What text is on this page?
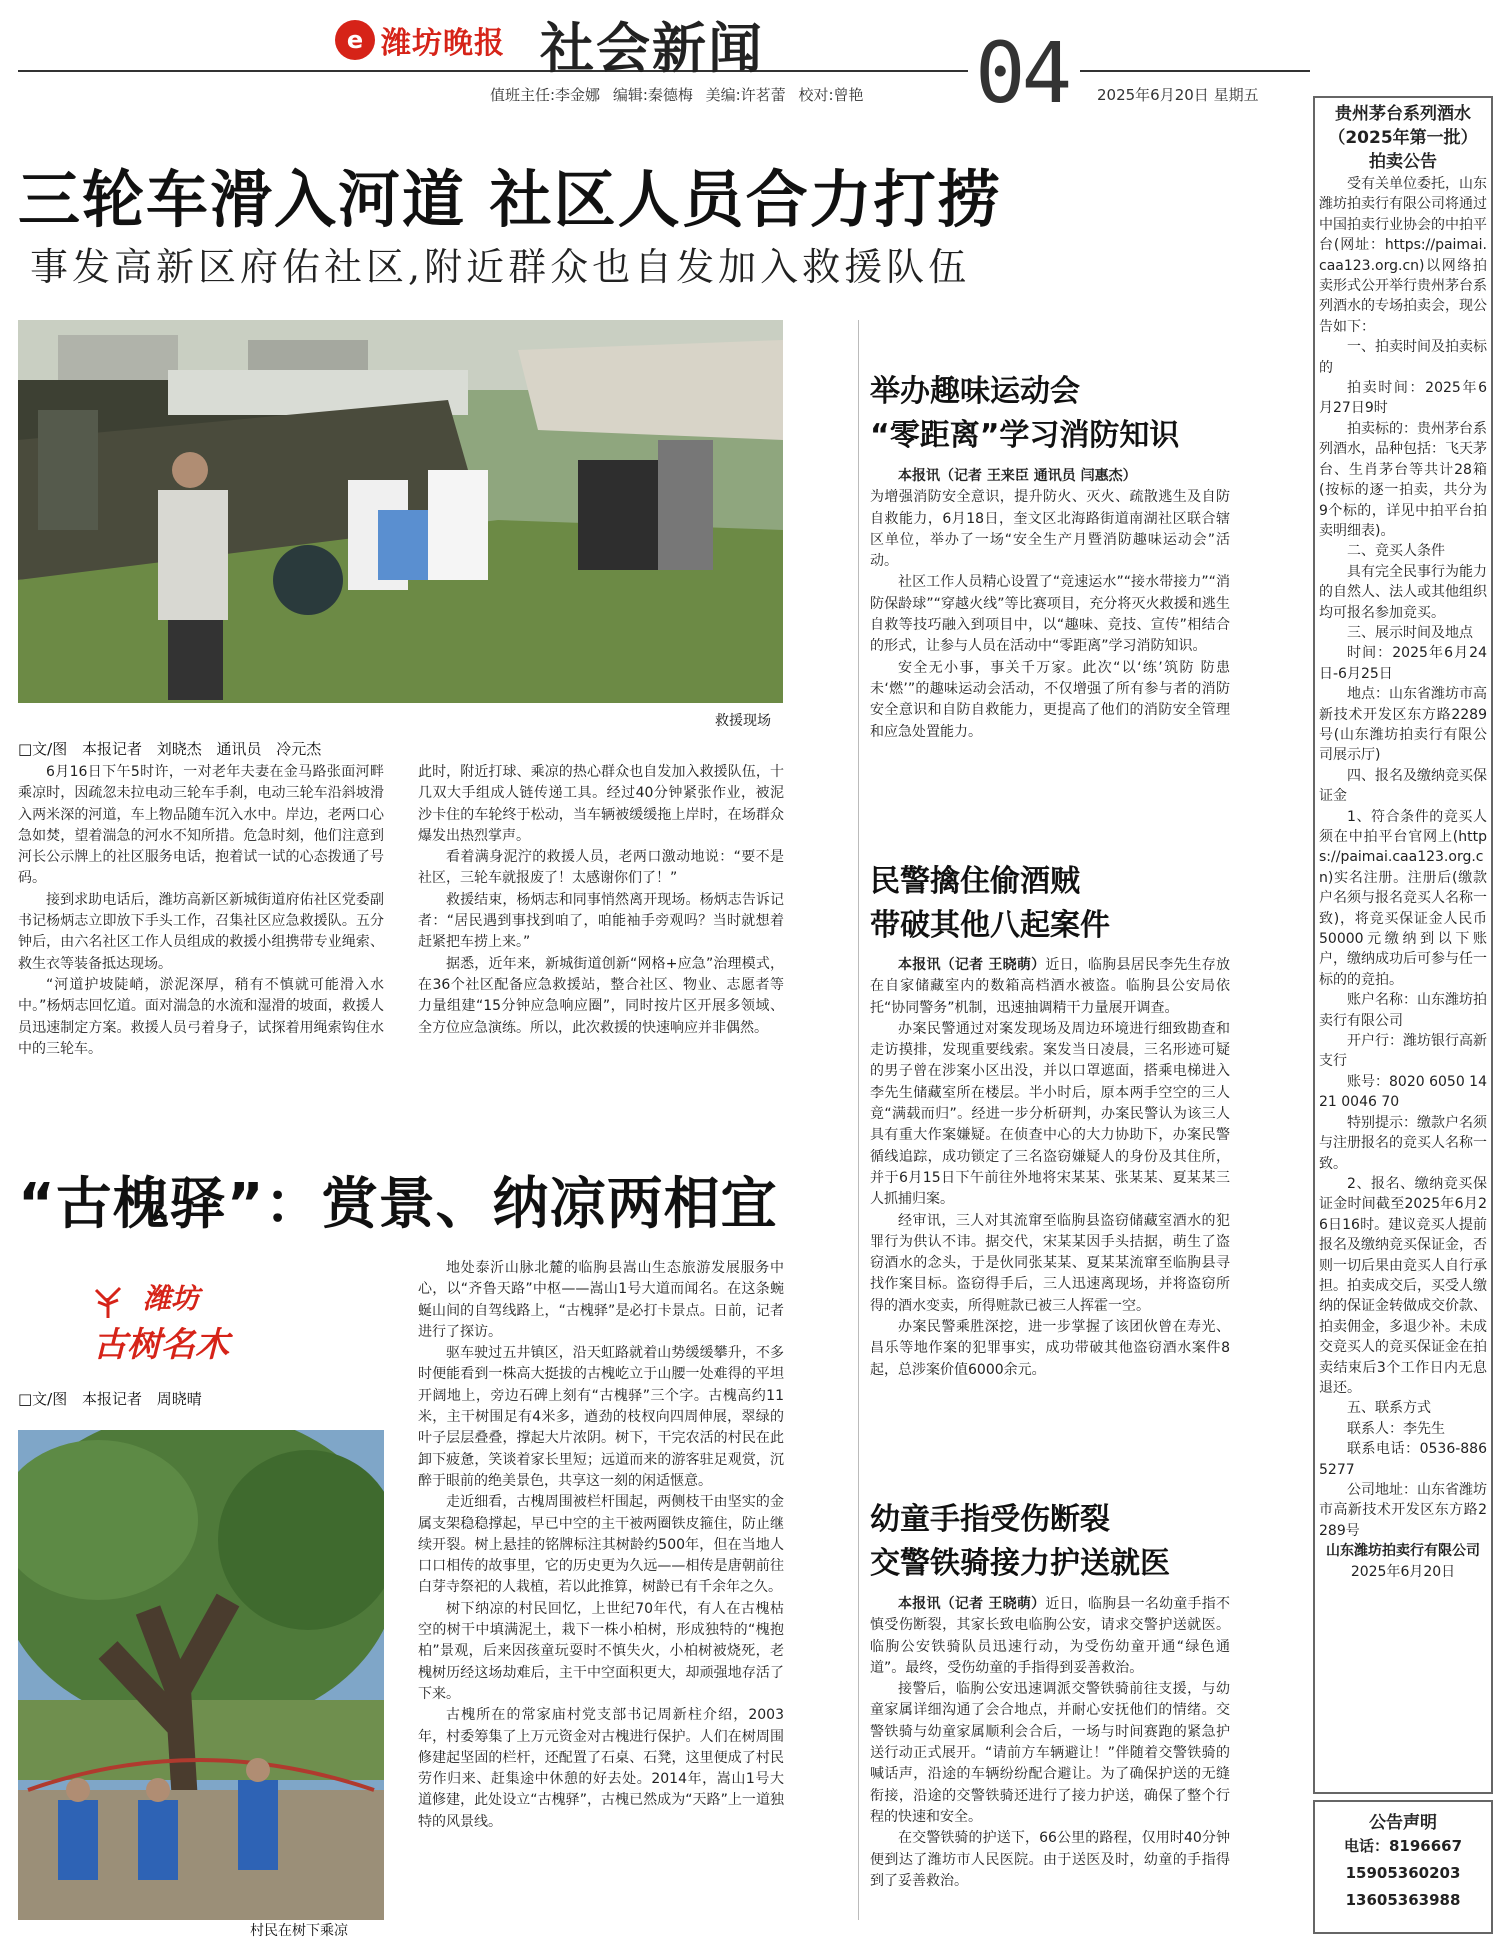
e 潍坊晚报 社会新闻	04
值班主任:李金娜 编辑:秦德梅 美编:许茗蕾 校对:曾艳	2025年6月20日 星期五
三轮车滑入河道 社区人员合力打捞
事发高新区府佑社区,附近群众也自发加入救援队伍
救援现场
□文/图 本报记者 刘晓杰 通讯员 冷元杰

6月16日下午5时许，一对老年夫妻在金马路张面河畔乘凉时，因疏忽未拉电动三轮车手刹，电动三轮车沿斜坡滑入两米深的河道，车上物品随车沉入水中。岸边，老两口心急如焚，望着湍急的河水不知所措。危急时刻，他们注意到河长公示牌上的社区服务电话，抱着试一试的心态拨通了号码。

接到求助电话后，潍坊高新区新城街道府佑社区党委副书记杨炳志立即放下手头工作，召集社区应急救援队。五分钟后，由六名社区工作人员组成的救援小组携带专业绳索、救生衣等装备抵达现场。

“河道护坡陡峭，淤泥深厚，稍有不慎就可能滑入水中。”杨炳志回忆道。面对湍急的水流和湿滑的坡面，救援人员迅速制定方案。救援人员弓着身子，试探着用绳索钩住水中的三轮车。

此时，附近打球、乘凉的热心群众也自发加入救援队伍，十几双大手组成人链传递工具。经过40分钟紧张作业，被泥沙卡住的车轮终于松动，当车辆被缓缓拖上岸时，在场群众爆发出热烈掌声。

看着满身泥泞的救援人员，老两口激动地说：“要不是社区，三轮车就报废了！太感谢你们了！”

救援结束，杨炳志和同事悄然离开现场。杨炳志告诉记者：“居民遇到事找到咱了，咱能袖手旁观吗？当时就想着赶紧把车捞上来。”

据悉，近年来，新城街道创新“网格+应急”治理模式，在36个社区配备应急救援站，整合社区、物业、志愿者等力量组建“15分钟应急响应圈”，同时按片区开展多领域、全方位应急演练。所以，此次救援的快速响应并非偶然。

“古槐驿”：赏景、纳凉两相宜
潍坊
古树名木
□文/图 本报记者 周晓晴
村民在树下乘凉

地处泰沂山脉北麓的临朐县嵩山生态旅游发展服务中心，以“齐鲁天路”中枢——嵩山1号大道而闻名。在这条蜿蜒山间的自驾线路上，“古槐驿”是必打卡景点。日前，记者进行了探访。

驱车驶过五井镇区，沿天虹路就着山势缓缓攀升，不多时便能看到一株高大挺拔的古槐屹立于山腰一处难得的平坦开阔地上，旁边石碑上刻有“古槐驿”三个字。古槐高约11米，主干树围足有4米多，遒劲的枝杈向四周伸展，翠绿的叶子层层叠叠，撑起大片浓阴。树下，干完农活的村民在此卸下疲惫，笑谈着家长里短；远道而来的游客驻足观赏，沉醉于眼前的绝美景色，共享这一刻的闲适惬意。

走近细看，古槐周围被栏杆围起，两侧枝干由坚实的金属支架稳稳撑起，早已中空的主干被两圈铁皮箍住，防止继续开裂。树上悬挂的铭牌标注其树龄约500年，但在当地人口口相传的故事里，它的历史更为久远——相传是唐朝前往白芽寺祭祀的人栽植，若以此推算，树龄已有千余年之久。

树下纳凉的村民回忆，上世纪70年代，有人在古槐枯空的树干中填满泥土，栽下一株小柏树，形成独特的“槐抱柏”景观，后来因孩童玩耍时不慎失火，小柏树被烧死，老槐树历经这场劫难后，主干中空面积更大，却顽强地存活了下来。

古槐所在的常家庙村党支部书记周新柱介绍，2003年，村委筹集了上万元资金对古槐进行保护。人们在树周围修建起坚固的栏杆，还配置了石桌、石凳，这里便成了村民劳作归来、赶集途中休憩的好去处。2014年，嵩山1号大道修建，此处设立“古槐驿”，古槐已然成为“天路”上一道独特的风景线。

举办趣味运动会
“零距离”学习消防知识

本报讯（记者 王来臣 通讯员 闫惠杰）

为增强消防安全意识，提升防火、灭火、疏散逃生及自防自救能力，6月18日，奎文区北海路街道南湖社区联合辖区单位，举办了一场“安全生产月暨消防趣味运动会”活动。

社区工作人员精心设置了“竞速运水”“接水带接力”“消防保龄球”“穿越火线”等比赛项目，充分将灭火救援和逃生自救等技巧融入到项目中，以“趣味、竞技、宣传”相结合的形式，让参与人员在活动中“零距离”学习消防知识。

安全无小事，事关千万家。此次“以‘练’筑防 防患未‘燃’”的趣味运动会活动，不仅增强了所有参与者的消防安全意识和自防自救能力，更提高了他们的消防安全管理和应急处置能力。

民警擒住偷酒贼
带破其他八起案件

本报讯（记者 王晓萌）近日，临朐县居民李先生存放在自家储藏室内的数箱高档酒水被盗。临朐县公安局依托“协同警务”机制，迅速抽调精干力量展开调查。

办案民警通过对案发现场及周边环境进行细致勘查和走访摸排，发现重要线索。案发当日凌晨，三名形迹可疑的男子曾在涉案小区出没，并以口罩遮面，搭乘电梯进入李先生储藏室所在楼层。半小时后，原本两手空空的三人竟“满载而归”。经进一步分析研判，办案民警认为该三人具有重大作案嫌疑。在侦查中心的大力协助下，办案民警循线追踪，成功锁定了三名盗窃嫌疑人的身份及其住所，并于6月15日下午前往外地将宋某某、张某某、夏某某三人抓捕归案。

经审讯，三人对其流窜至临朐县盗窃储藏室酒水的犯罪行为供认不讳。据交代，宋某某因手头拮据，萌生了盗窃酒水的念头，于是伙同张某某、夏某某流窜至临朐县寻找作案目标。盗窃得手后，三人迅速离现场，并将盗窃所得的酒水变卖，所得赃款已被三人挥霍一空。

办案民警乘胜深挖，进一步掌握了该团伙曾在寿光、昌乐等地作案的犯罪事实，成功带破其他盗窃酒水案件8起，总涉案价值6000余元。

幼童手指受伤断裂
交警铁骑接力护送就医

本报讯（记者 王晓萌）近日，临朐县一名幼童手指不慎受伤断裂，其家长致电临朐公安，请求交警护送就医。临朐公安铁骑队员迅速行动，为受伤幼童开通“绿色通道”。最终，受伤幼童的手指得到妥善救治。

接警后，临朐公安迅速调派交警铁骑前往支援，与幼童家属详细沟通了会合地点，并耐心安抚他们的情绪。交警铁骑与幼童家属顺利会合后，一场与时间赛跑的紧急护送行动正式展开。“请前方车辆避让！”伴随着交警铁骑的喊话声，沿途的车辆纷纷配合避让。为了确保护送的无缝衔接，沿途的交警铁骑还进行了接力护送，确保了整个行程的快速和安全。

在交警铁骑的护送下，66公里的路程，仅用时40分钟便到达了潍坊市人民医院。由于送医及时，幼童的手指得到了妥善救治。

贵州茅台系列酒水
（2025年第一批）
拍卖公告

受有关单位委托，山东潍坊拍卖行有限公司将通过中国拍卖行业协会的中拍平台(网址：https://paimai.caa123.org.cn)以网络拍卖形式公开举行贵州茅台系列酒水的专场拍卖会，现公告如下：

一、拍卖时间及拍卖标的

拍卖时间：2025年6月27日9时

拍卖标的：贵州茅台系列酒水，品种包括：飞天茅台、生肖茅台等共计28箱(按标的逐一拍卖，共分为9个标的，详见中拍平台拍卖明细表)。

二、竞买人条件

具有完全民事行为能力的自然人、法人或其他组织均可报名参加竞买。

三、展示时间及地点

时间：2025年6月24日-6月25日

地点：山东省潍坊市高新技术开发区东方路2289号(山东潍坊拍卖行有限公司展示厅)

四、报名及缴纳竞买保证金

1、符合条件的竞买人须在中拍平台官网上(https://paimai.caa123.org.cn)实名注册。注册后(缴款户名须与报名竞买人名称一致)，将竞买保证金人民币50000元缴纳到以下账户，缴纳成功后可参与任一标的的竞拍。

账户名称：山东潍坊拍卖行有限公司

开户行：潍坊银行高新支行

账号：8020 6050 1421 0046 70

特别提示：缴款户名须与注册报名的竞买人名称一致。

2、报名、缴纳竞买保证金时间截至2025年6月26日16时。建议竞买人提前报名及缴纳竞买保证金，否则一切后果由竞买人自行承担。拍卖成交后，买受人缴纳的保证金转做成交价款、拍卖佣金，多退少补。未成交竞买人的竞买保证金在拍卖结束后3个工作日内无息退还。

五、联系方式

联系人：李先生

联系电话：0536-8865277

公司地址：山东省潍坊市高新技术开发区东方路2289号

山东潍坊拍卖行有限公司

2025年6月20日

公告声明
电话：8196667
15905360203
13605363988
